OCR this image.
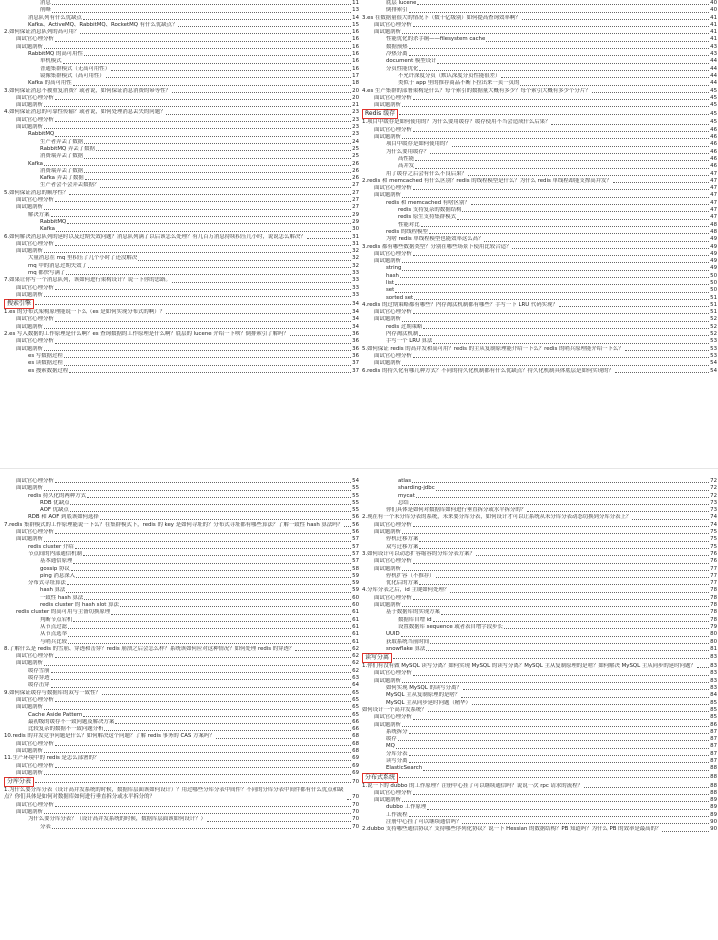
消息	11
削峰	13
消息队列有什么优缺点	14
Kafka、ActiveMQ、RabbitMQ、RocketMQ 有什么优缺点？	15
2.如何保证消息队列的高可用？	16
面试官心理分析	16
面试题剖析	16
RabbitMQ 的高可用性	16
单机模式	16
普通集群模式（无高可用性）	16
镜像集群模式（高可用性）	17
Kafka 的高可用性	18
3.如何保证消息不被重复消费？或者说，如何保证消息消费的幂等性？	20
面试官心理分析	20
面试题剖析	21
4.如何保证消息的可靠性传输？或者说，如何处理消息丢失的问题？	23
面试官心理分析	23
面试题剖析	23
RabbitMQ	23
生产者弄丢了数据	24
RabbitMQ 弄丢了数据	25
消费端弄丢了数据	25
Kafka	26
消费端弄丢了数据	26
Kafka 弄丢了数据	26
生产者会不会弄丢数据？	27
5.如何保证消息的顺序性？	27
面试官心理分析	27
面试题剖析	27
解决方案	29
RabbitMQ	29
Kafka	30
6.如何解决消息队列的延时以及过期失效问题？消息队列满了以后该怎么处理？有几百万消息持续积压几小时，说说怎么解决？	31
面试官心理分析	31
面试题剖析	32
大量消息在 mq 里积压了几个小时了还没解决	32
mq 中的消息过期失效了	32
mq 都快写满了	33
7.如果让你写一个消息队列，该如何进行架构设计？说一下你的思路。	33
面试官心理分析	33
面试题剖析	33
搜索引擎	34
1.es 的分布式架构原理能说一下么（es 是如何实现分布式的啊）？	34
面试官心理分析	34
面试题剖析	34
2.es 写入数据的工作原理是什么啊？es 查询数据的工作原理是什么啊？底层的 lucene 介绍一下呗？倒排索引了解吗？	36
面试官心理分析	36
面试题剖析	36
es 写数据过程	36
es 读数据过程	37
es 搜索数据过程	37
底层 lucene	40
倒排索引	40
3.es 在数据量很大的情况下（数十亿级别）如何提高查询效率啊？	41
面试官心理分析	41
面试题剖析	41
性能优化的杀手锏——filesystem cache	41
数据预热	43
冷热分离	43
document 模型设计	44
分页性能优化	44
不允许深度分页（默认深度分页性能很差）	44
类似于 app 里的推荐商品不断下拉出来一页一页的	44
4.es 生产集群的部署架构是什么？每个索引的数据量大概有多少？每个索引大概有多少个分片？	45
面试官心理分析	45
面试题剖析	45
Redis 缓存	45
1.项目中缓存是如何使用的？为什么要用缓存？缓存使用不当会造成什么后果？	45
面试官心理分析	46
面试题剖析	46
项目中缓存是如何使用的？	46
为什么要用缓存？	46
高性能	46
高并发	46
用了缓存之后会有什么不良后果？	47
2.redis 和 memcached 有什么区别？redis 的线程模型是什么？为什么 redis 单线程却能支撑高并发？	47
面试官心理分析	47
面试题剖析	47
redis 和 memcached 有啥区别？	47
redis 支持复杂的数据结构	47
redis 原生支持集群模式	47
性能对比	48
redis 的线程模型	48
为啥 redis 单线程模型也能效率这么高？	49
3.redis 都有哪些数据类型？分别在哪些场景下使用比较合适？	49
面试官心理分析	49
面试题剖析	49
string	49
hash	50
list	50
set	50
sorted set	51
4.redis 的过期策略都有哪些？内存淘汰机制都有哪些？手写一下 LRU 代码实现？	51
面试官心理分析	51
面试题剖析	52
redis 过期策略	52
内存淘汰机制	52
手写一个 LRU 算法	53
5.如何保证 redis 的高并发和高可用？redis 的主从复制原理能介绍一下么？redis 的哨兵原理能介绍一下么？	53
面试官心理分析	53
面试题剖析	54
6.redis 的持久化有哪几种方式？不同的持久化机制都有什么优缺点？持久化机制具体底层是如何实现的？	54
面试官心理分析	54
面试题剖析	55
redis 持久化的两种方式	55
RDB 优缺点	55
AOF 优缺点	55
RDB 和 AOF 到底该如何选择	56
7.redis 集群模式的工作原理能说一下么？在集群模式下，redis 的 key 是如何寻址的？分布式寻址都有哪些算法？了解一致性 hash 算法吗？ 56
面试官心理分析	56
面试题剖析	57
redis cluster 介绍	57
节点间的内部通信机制	57
基本通信原理	57
gossip 协议	58
ping 消息深入	59
分布式寻址算法	59
hash 算法	59
一致性 hash 算法	60
redis cluster 的 hash slot 算法	60
redis cluster 的高可用与主备切换原理	61
判断节点宕机	61
从节点过滤	61
从节点选举	61
与哨兵比较	61
8.了解什么是 redis 的雪崩、穿透和击穿？redis 崩溃之后会怎么样？系统该如何应对这种情况？如何处理 redis 的穿透？	62
面试官心理分析	62
面试题剖析	62
缓存雪崩	62
缓存穿透	63
缓存击穿	64
9.如何保证缓存与数据库的双写一致性？	65
面试官心理分析	65
面试题剖析	65
Cache Aside Pattern	65
最初级的缓存不一致问题及解决方案	66
比较复杂的数据不一致问题分析	66
10.redis 的并发竞争问题是什么？如何解决这个问题？了解 redis 事务的 CAS 方案吗？	68
面试官心理分析	68
面试题剖析	68
11.生产环境中的 redis 是怎么部署的？	69
面试官心理分析	69
面试题剖析	69
分库分表	70
1.为什么要分库分表（设计高并发系统的时候，数据库层面该如何设计）？用过哪些分库分表中间件？不同的分库分表中间件都有什么优点和缺点？你们具体是如何对数据库如何进行垂直拆分或水平拆分的？	70
面试官心理分析	70
面试题剖析	70
为什么要分库分表？（设计高并发系统的时候，数据库层面该如何设计？）	70
分表	70
atlas	72
sharding-jdbc	72
mycat	72
总结	73
你们具体是如何对数据库如何进行垂直拆分或水平拆分的？	73
2.现在有一个未分库分表的系统，未来要分库分表，如何设计才可以让系统从未分库分表动态切换到分库分表上？	74
面试官心理分析	74
面试题剖析	75
停机迁移方案	75
双写迁移方案	75
3.如何设计可以动态扩容缩容的分库分表方案？	76
面试官心理分析	76
面试题剖析	77
停机扩容（不推荐）	77
优化后的方案	77
4.分库分表之后，id 主键如何处理？	78
面试官心理分析	78
面试题剖析	78
基于数据库的实现方案	78
数据库自增 id	78
设置数据库 sequence 或者表自增字段步长	79
UUID	80
获取系统当前时间	80
snowflake 算法	81
读写分离	83
1.你们有没有做 MySQL 读写分离？如何实现 MySQL 的读写分离？MySQL 主从复制原理的是啥？如何解决 MySQL 主从同步的延时问题？	83
面试官心理分析	83
面试题剖析	83
如何实现 MySQL 的读写分离？	83
MySQL 主从复制原理的是啥？	84
MySQL 主从同步延时问题（精华）	85
如何设计一个高并发系统？	85
面试官心理分析	85
面试题剖析	86
系统拆分	87
缓存	87
MQ	87
分库分表	87
读写分离	87
ElasticSearch	88
分布式系统	88
1.说一下的 dubbo 的工作原理？注册中心挂了可以继续通信吗？说说一次 rpc 请求的流程？	88
面试官心理分析	88
面试题剖析	89
dubbo 工作原理	89
工作流程	89
注册中心挂了可以继续通信吗？	90
2.dubbo 支持哪些通信协议？支持哪些序列化协议？说一下 Hessian 的数据结构？PB 知道吗？为什么 PB 的效率是最高的？	90
